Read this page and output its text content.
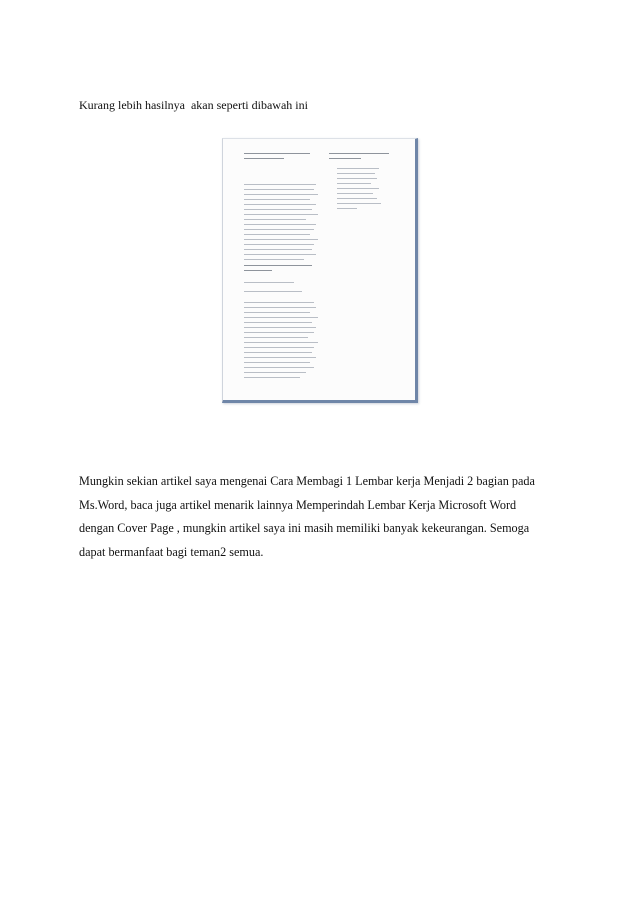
Kurang lebih hasilnya  akan seperti dibawah ini

Mungkin sekian artikel saya mengenai Cara Membagi 1 Lembar kerja Menjadi 2 bagian pada
Ms.Word, baca juga artikel menarik lainnya Memperindah Lembar Kerja Microsoft Word
dengan Cover Page , mungkin artikel saya ini masih memiliki banyak kekeurangan. Semoga
dapat bermanfaat bagi teman2 semua.
